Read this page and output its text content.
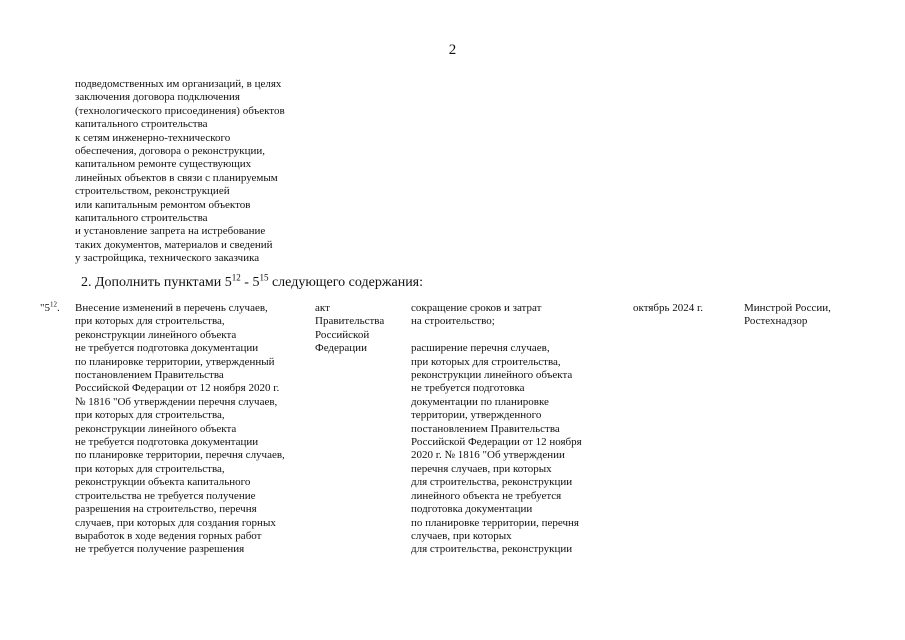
2
подведомственных им организаций, в целях
заключения договора подключения
(технологического присоединения) объектов
капитального строительства
к сетям инженерно-технического
обеспечения, договора о реконструкции,
капитальном ремонте существующих
линейных объектов в связи с планируемым
строительством, реконструкцией
или капитальным ремонтом объектов
капитального строительства
и установление запрета на истребование
таких документов, материалов и сведений
у застройщика, технического заказчика
2. Дополнить пунктами $5^{12} - 5^{15}$ следующего содержания:
"$5^{12}$. Внесение изменений в перечень случаев,
при которых для строительства,
реконструкции линейного объекта
не требуется подготовка документации
по планировке территории, утвержденный
постановлением Правительства
Российской Федерации от 12 ноября 2020 г.
№ 1816 "Об утверждении перечня случаев,
при которых для строительства,
реконструкции линейного объекта
не требуется подготовка документации
по планировке территории, перечня случаев,
при которых для строительства,
реконструкции объекта капитального
строительства не требуется получение
разрешения на строительство, перечня
случаев, при которых для создания горных
выработок в ходе ведения горных работ
не требуется получение разрешения
акт
Правительства
Российской
Федерации
сокращение сроков и затрат
на строительство;

расширение перечня случаев,
при которых для строительства,
реконструкции линейного объекта
не требуется подготовка
документации по планировке
территории, утвержденного
постановлением Правительства
Российской Федерации от 12 ноября
2020 г. № 1816 "Об утверждении
перечня случаев, при которых
для строительства, реконструкции
линейного объекта не требуется
подготовка документации
по планировке территории, перечня
случаев, при которых
для строительства, реконструкции
октябрь 2024 г.	Минстрой России,
Ростехнадзор
